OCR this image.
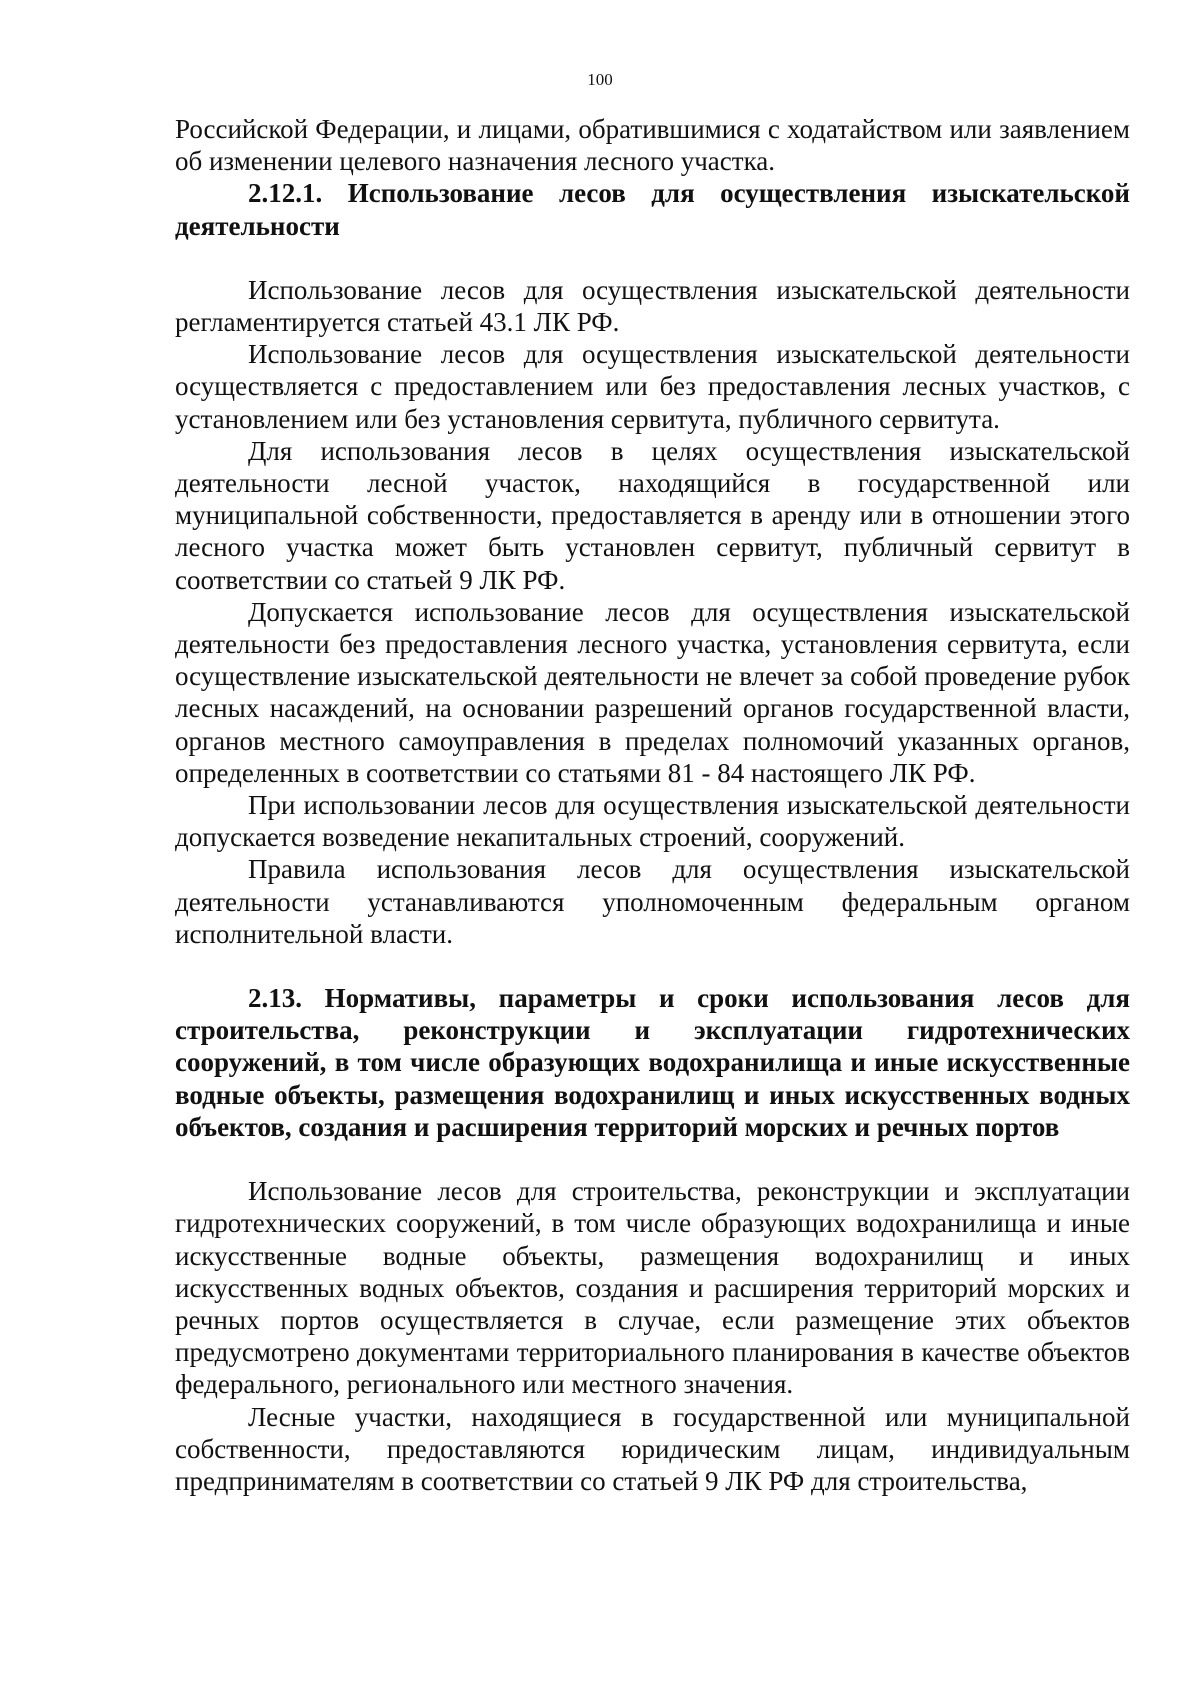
100

Российской Федерации, и лицами, обратившимися с ходатайством или заявлением об изменении целевого назначения лесного участка.

2.12.1. Использование лесов для осуществления изыскательской деятельности

Использование лесов для осуществления изыскательской деятельности регламентируется статьей 43.1 ЛК РФ.

Использование лесов для осуществления изыскательской деятельности осуществляется с предоставлением или без предоставления лесных участков, с установлением или без установления сервитута, публичного сервитута.

Для использования лесов в целях осуществления изыскательской деятельности лесной участок, находящийся в государственной или муниципальной собственности, предоставляется в аренду или в отношении этого лесного участка может быть установлен сервитут, публичный сервитут в соответствии со статьей 9 ЛК РФ.

Допускается использование лесов для осуществления изыскательской деятельности без предоставления лесного участка, установления сервитута, если осуществление изыскательской деятельности не влечет за собой проведение рубок лесных насаждений, на основании разрешений органов государственной власти, органов местного самоуправления в пределах полномочий указанных органов, определенных в соответствии со статьями 81 - 84 настоящего ЛК РФ.

При использовании лесов для осуществления изыскательской деятельности допускается возведение некапитальных строений, сооружений.

Правила использования лесов для осуществления изыскательской деятельности устанавливаются уполномоченным федеральным органом исполнительной власти.

2.13. Нормативы, параметры и сроки использования лесов для строительства, реконструкции и эксплуатации гидротехнических сооружений, в том числе образующих водохранилища и иные искусственные водные объекты, размещения водохранилищ и иных искусственных водных объектов, создания и расширения территорий морских и речных портов

Использование лесов для строительства, реконструкции и эксплуатации гидротехнических сооружений, в том числе образующих водохранилища и иные искусственные водные объекты, размещения водохранилищ и иных искусственных водных объектов, создания и расширения территорий морских и речных портов осуществляется в случае, если размещение этих объектов предусмотрено документами территориального планирования в качестве объектов федерального, регионального или местного значения.

Лесные участки, находящиеся в государственной или муниципальной собственности, предоставляются юридическим лицам, индивидуальным предпринимателям в соответствии со статьей 9 ЛК РФ для строительства,
